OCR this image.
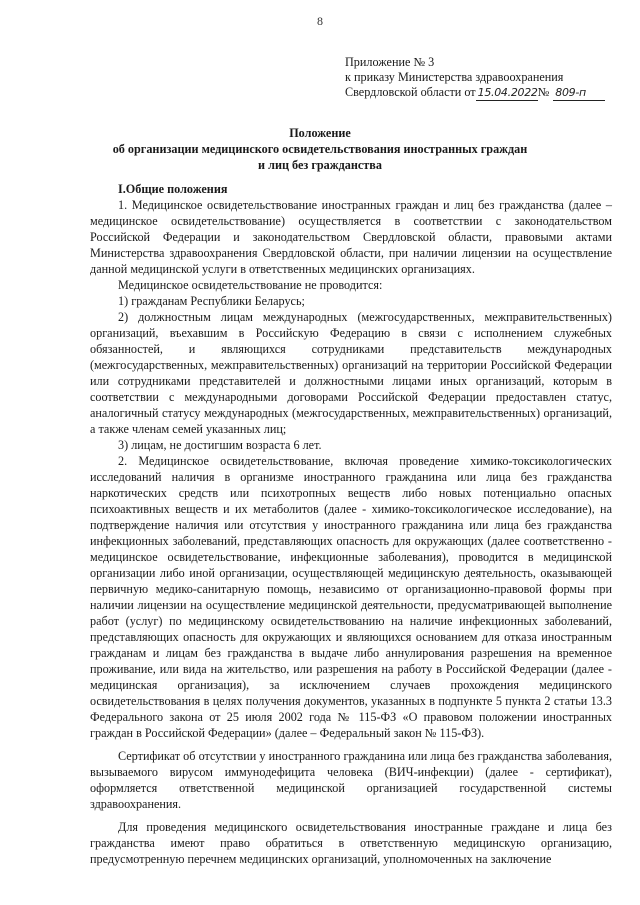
8
Приложение № 3
к приказу Министерства здравоохранения
Свердловской области от 15.04.2022№ 809-п
Положение
об организации медицинского освидетельствования иностранных граждан
и лиц без гражданства
I.Общие положения

1. Медицинское освидетельствование иностранных граждан и лиц без гражданства (далее – медицинское освидетельствование) осуществляется в соответствии с законодательством Российской Федерации и законодательством Свердловской области, правовыми актами Министерства здравоохранения Свердловской области, при наличии лицензии на осуществление данной медицинской услуги в ответственных медицинских организациях.

Медицинское освидетельствование не проводится:

1) гражданам Республики Беларусь;

2) должностным лицам международных (межгосударственных, межправительственных) организаций, въехавшим в Российскую Федерацию в связи с исполнением служебных обязанностей, и являющихся сотрудниками представительств международных (межгосударственных, межправительственных) организаций на территории Российской Федерации или сотрудниками представителей и должностными лицами иных организаций, которым в соответствии с международными договорами Российской Федерации предоставлен статус, аналогичный статусу международных (межгосударственных, межправительственных) организаций, а также членам семей указанных лиц;

3) лицам, не достигшим возраста 6 лет.

2. Медицинское освидетельствование, включая проведение химико-токсикологических исследований наличия в организме иностранного гражданина или лица без гражданства наркотических средств или психотропных веществ либо новых потенциально опасных психоактивных веществ и их метаболитов (далее - химико-токсикологическое исследование), на подтверждение наличия или отсутствия у иностранного гражданина или лица без гражданства инфекционных заболеваний, представляющих опасность для окружающих (далее соответственно - медицинское освидетельствование, инфекционные заболевания), проводится в медицинской организации либо иной организации, осуществляющей медицинскую деятельность, оказывающей первичную медико-санитарную помощь, независимо от организационно-правовой формы при наличии лицензии на осуществление медицинской деятельности, предусматривающей выполнение работ (услуг) по медицинскому освидетельствованию на наличие инфекционных заболеваний, представляющих опасность для окружающих и являющихся основанием для отказа иностранным гражданам и лицам без гражданства в выдаче либо аннулирования разрешения на временное проживание, или вида на жительство, или разрешения на работу в Российской Федерации (далее - медицинская организация), за исключением случаев прохождения медицинского освидетельствования в целях получения документов, указанных в подпункте 5 пункта 2 статьи 13.3 Федерального закона от 25 июля 2002 года № 115-ФЗ «О правовом положении иностранных граждан в Российской Федерации» (далее – Федеральный закон № 115-ФЗ).

Сертификат об отсутствии у иностранного гражданина или лица без гражданства заболевания, вызываемого вирусом иммунодефицита человека (ВИЧ-инфекции) (далее - сертификат), оформляется ответственной медицинской организацией государственной системы здравоохранения.

Для проведения медицинского освидетельствования иностранные граждане и лица без гражданства имеют право обратиться в ответственную медицинскую организацию, предусмотренную перечнем медицинских организаций, уполномоченных на заключение
